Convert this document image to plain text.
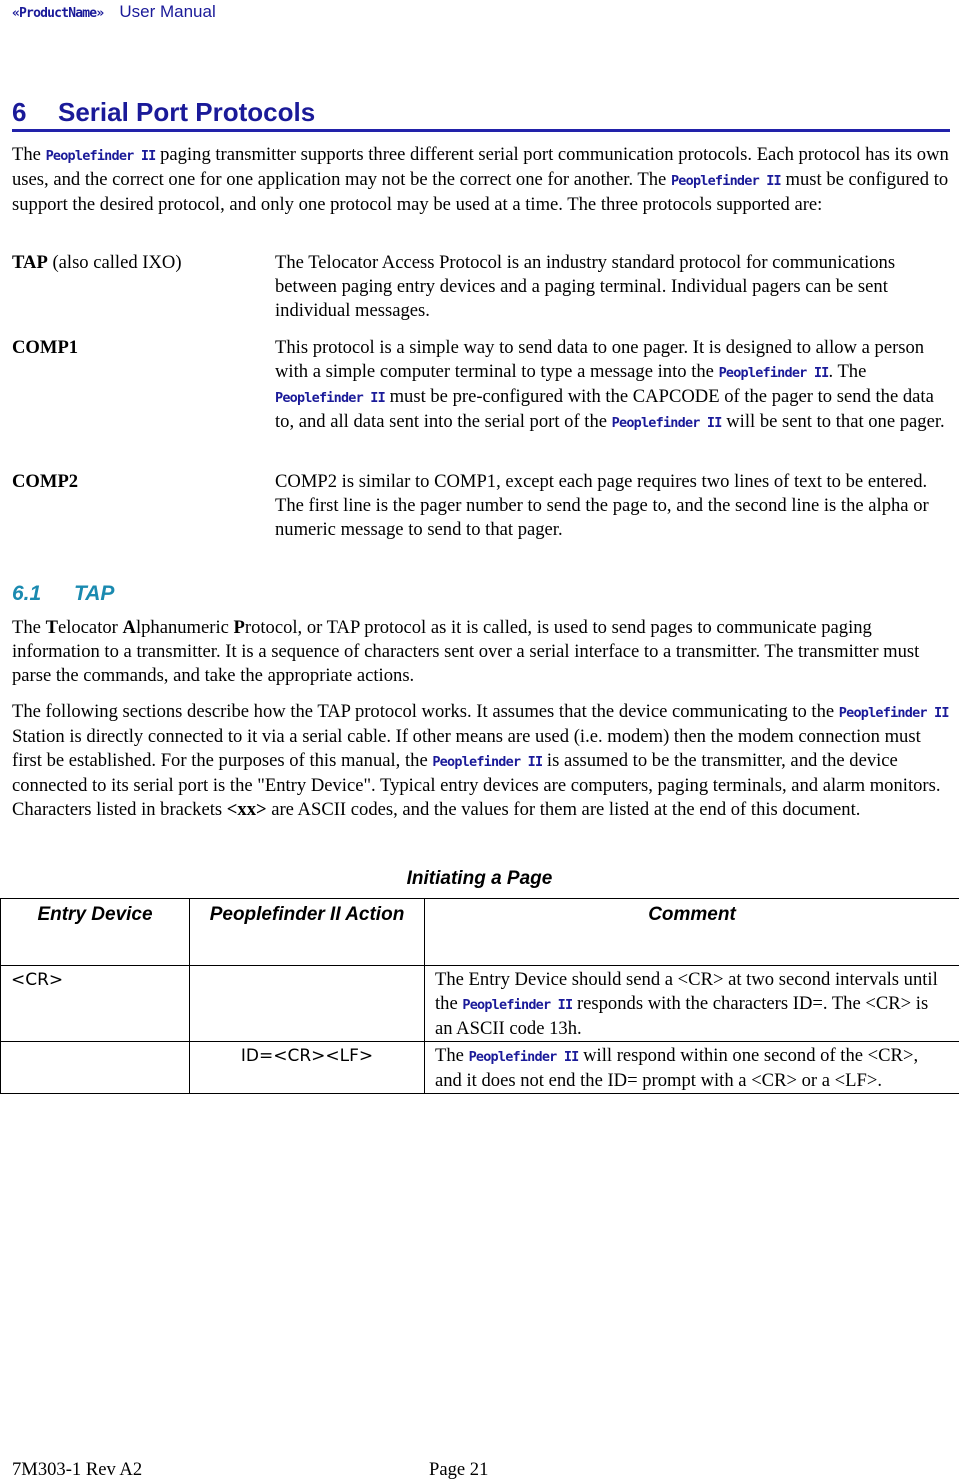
«ProductName» User Manual
6 Serial Port Protocols

The Peoplefinder II paging transmitter supports three different serial port communication protocols. Each protocol has its own uses, and the correct one for one application may not be the correct one for another. The Peoplefinder II must be configured to support the desired protocol, and only one protocol may be used at a time. The three protocols supported are:

TAP (also called IXO)	The Telocator Access Protocol is an industry standard protocol for communications between paging entry devices and a paging terminal. Individual pagers can be sent individual messages.
COMP1	This protocol is a simple way to send data to one pager. It is designed to allow a person with a simple computer terminal to type a message into the Peoplefinder II. The Peoplefinder II must be pre-configured with the CAPCODE of the pager to send the data to, and all data sent into the serial port of the Peoplefinder II will be sent to that one pager.
COMP2	COMP2 is similar to COMP1, except each page requires two lines of text to be entered. The first line is the pager number to send the page to, and the second line is the alpha or numeric message to send to that pager.
6.1 TAP

The Telocator Alphanumeric Protocol, or TAP protocol as it is called, is used to send pages to communicate paging information to a transmitter. It is a sequence of characters sent over a serial interface to a transmitter. The transmitter must parse the commands, and take the appropriate actions.

The following sections describe how the TAP protocol works. It assumes that the device communicating to the Peoplefinder II Station is directly connected to it via a serial cable. If other means are used (i.e. modem) then the modem connection must first be established. For the purposes of this manual, the Peoplefinder II is assumed to be the transmitter, and the device connected to its serial port is the "Entry Device". Typical entry devices are computers, paging terminals, and alarm monitors. Characters listed in brackets <xx> are ASCII codes, and the values for them are listed at the end of this document.

Initiating a Page
Entry Device	Peoplefinder II Action	Comment
<CR>		The Entry Device should send a <CR> at two second intervals until the Peoplefinder II responds with the characters ID=. The <CR> is an ASCII code 13h.
	ID=<CR><LF>	The Peoplefinder II will respond within one second of the <CR>, and it does not end the ID= prompt with a <CR> or a <LF>.
7M303-1 Rev A2	Page 21
